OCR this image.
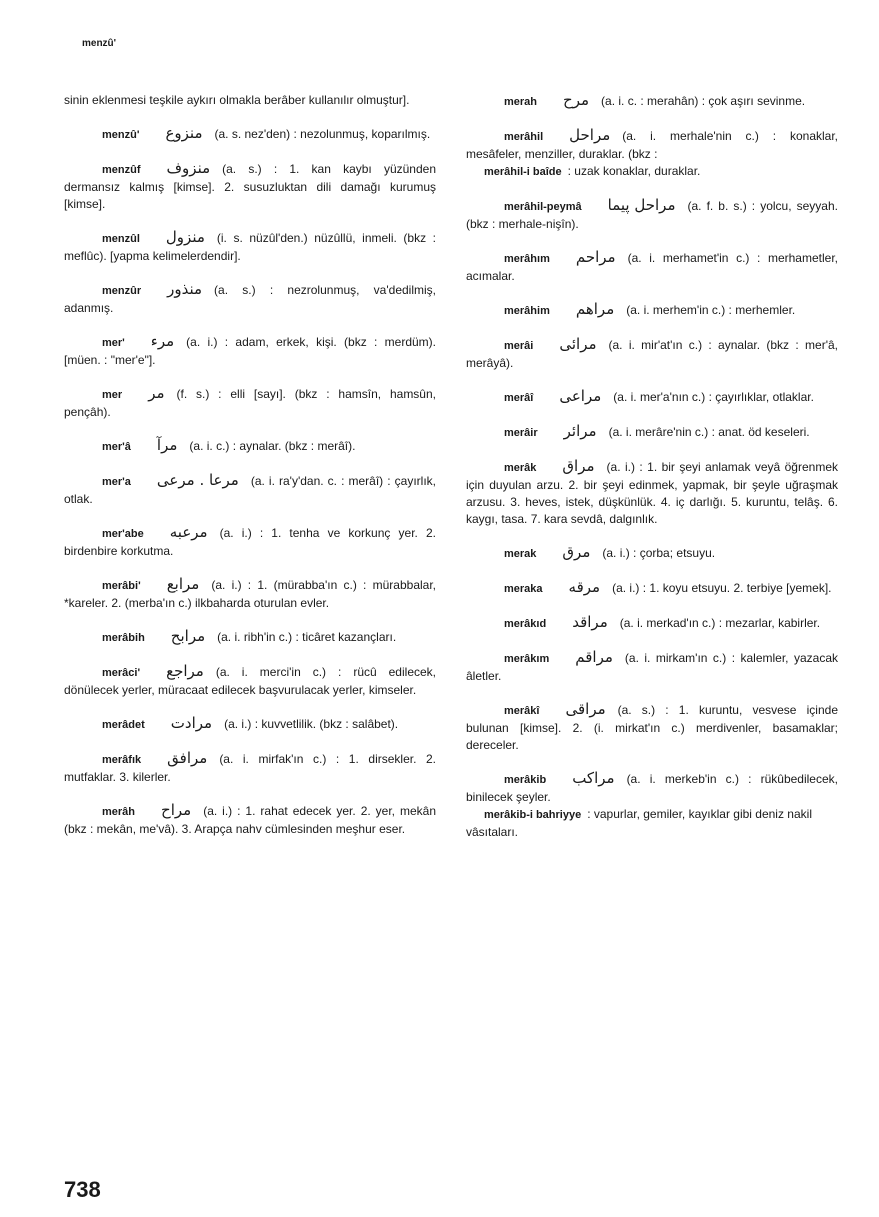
menzû'
sinin eklenmesi teşkile aykırı olmakla berâber kullanılır olmuştur].
menzû' منزوع (a. s. nez'den) : nezolunmuş, koparılmış.
menzûf منزوف (a. s.) : 1. kan kaybı yüzünden dermansız kalmış [kimse]. 2. susuzluktan dili damağı kurumuş [kimse].
menzûl منزول (i. s. nüzûl'den.) nüzûllü, inmeli. (bkz : meflûc). [yapma kelimelerdendir].
menzûr منذور (a. s.) : nezrolunmuş, va'dedilmiş, adanmış.
mer' مرء (a. i.) : adam, erkek, kişi. (bkz : merdüm). [müen. : "mer'e"].
mer مر (f. s.) : elli [sayı]. (bkz : hamsîn, hamsûn, pençâh).
mer'â مرآ (a. i. c.) : aynalar. (bkz : merâî).
mer'a مرعا . مرعى (a. i. ra'y'dan. c. : merâî) : çayırlık, otlak.
mer'abe مرعبه (a. i.) : 1. tenha ve korkunç yer. 2. birdenbire korkutma.
merâbi' مرابع (a. i.) : 1. (mürabba'ın c.) : mürabbalar, *kareler. 2. (merba'ın c.) ilkbaharda oturulan evler.
merâbih مرابح (a. i. ribh'in c.) : ticâret kazançları.
merâci' مراجع (a. i. merci'in c.) : rücû edilecek, dönülecek yerler, müracaat edilecek başvurulacak yerler, kimseler.
merâdet مرادت (a. i.) : kuvvetlilik. (bkz : salâbet).
merâfık مرافق (a. i. mirfak'ın c.) : 1. dirsekler. 2. mutfaklar. 3. kilerler.
merâh مراح (a. i.) : 1. rahat edecek yer. 2. yer, mekân (bkz : mekân, me'vâ). 3. Arapça nahv cümlesinden meşhur eser.
merah مرح (a. i. c. : merahân) : çok aşırı sevinme.
merâhil مراحل (a. i. merhale'nin c.) : konaklar, mesâfeler, menziller, duraklar. (bkz :
merâhil-i baîde : uzak konaklar, duraklar.
merâhil-peymâ مراحل پيما (a. f. b. s.) : yolcu, seyyah. (bkz : merhale-nişîn).
merâhım مراحم (a. i. merhamet'in c.) : merhametler, acımalar.
merâhim مراهم (a. i. merhem'in c.) : merhemler.
merâi مرائى (a. i. mir'at'ın c.) : aynalar. (bkz : mer'â, merâyâ).
merâî مراعى (a. i. mer'a'nın c.) : çayırlıklar, otlaklar.
merâir مرائر (a. i. merâre'nin c.) : anat. öd keseleri.
merâk مراق (a. i.) : 1. bir şeyi anlamak veyâ öğrenmek için duyulan arzu. 2. bir şeyi edinmek, yapmak, bir şeyle uğraşmak arzusu. 3. heves, istek, düşkünlük. 4. iç darlığı. 5. kuruntu, telâş. 6. kaygı, tasa. 7. kara sevdâ, dalgınlık.
merak مرق (a. i.) : çorba; etsuyu.
meraka مرقه (a. i.) : 1. koyu etsuyu. 2. terbiye [yemek].
merâkıd مراقد (a. i. merkad'ın c.) : mezarlar, kabirler.
merâkım مراقم (a. i. mirkam'ın c.) : kalemler, yazacak âletler.
merâkî مراقى (a. s.) : 1. kuruntu, vesvese içinde bulunan [kimse]. 2. (i. mirkat'ın c.) merdivenler, basamaklar; dereceler.
merâkib مراكب (a. i. merkeb'in c.) : rükûbedilecek, binilecek şeyler.
merâkib-i bahriyye : vapurlar, gemiler, kayıklar gibi deniz nakil vâsıtaları.
738
